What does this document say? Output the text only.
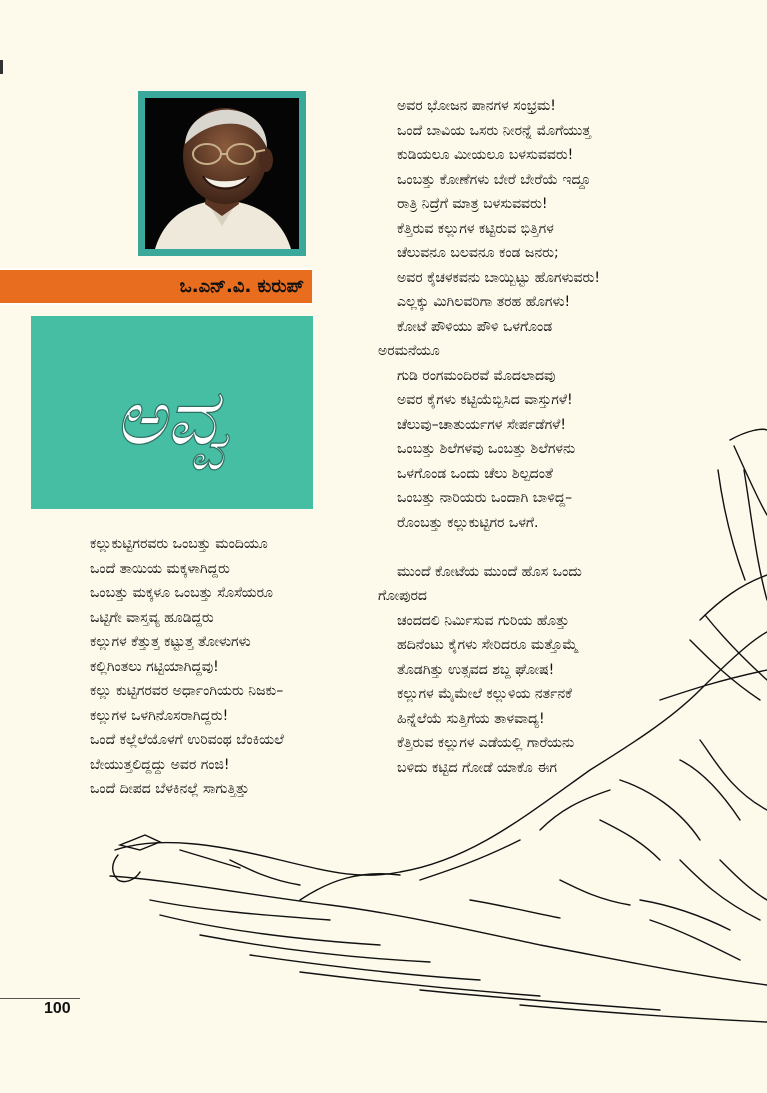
ಒ.ಎನ್‌.ವಿ. ಕುರುಪ್
ಅವ್ವ
ಕಲ್ಲುಕುಟ್ಟಿಗರವರು ಒಂಬತ್ತು ಮಂದಿಯೂ
ಒಂದೆ ತಾಯಿಯ ಮಕ್ಕಳಾಗಿದ್ದರು
ಒಂಬತ್ತು ಮಕ್ಕಳೂ ಒಂಬತ್ತು ಸೊಸೆಯರೂ
ಒಟ್ಟಿಗೇ ವಾಸ್ತವ್ಯ ಹೂಡಿದ್ದರು
ಕಲ್ಲುಗಳ ಕೆತ್ತುತ್ತ ಕಟ್ಟುತ್ತ ತೋಳುಗಳು
ಕಲ್ಲಿಗಿಂತಲು ಗಟ್ಟಿಯಾಗಿದ್ದವು!
ಕಲ್ಲು ಕುಟ್ಟಿಗರವರ ಅರ್ಧಾಂಗಿಯರು ನಿಜಕು–
ಕಲ್ಲುಗಳ ಒಳಗಿನೊಸರಾಗಿದ್ದರು!
ಒಂದೆ ಕಲ್ಲೆಲೆಯೊಳಗೆ ಉರಿವಂಥ ಬೆಂಕಿಯಲೆ
ಬೇಯುತ್ತಲಿದ್ದದ್ದು ಅವರ ಗಂಜಿ!
ಒಂದೆ ದೀಪದ ಬೆಳಕಿನಲ್ಲೆ ಸಾಗುತ್ತಿತ್ತು
ಅವರ ಭೋಜನ ಪಾನಗಳ ಸಂಭ್ರಮ!
ಒಂದೆ ಬಾವಿಯ ಒಸರು ನೀರನ್ನೆ ಮೊಗೆಯುತ್ತ
ಕುಡಿಯಲೂ ಮೀಯಲೂ ಬಳಸುವವರು!
ಒಂಬತ್ತು ಕೋಣೆಗಳು ಬೇರೆ ಬೇರೆಯೆ ಇದ್ದೂ
ರಾತ್ರಿ ನಿದ್ರೆಗೆ ಮಾತ್ರ ಬಳಸುವವರು!
ಕೆತ್ತಿರುವ ಕಲ್ಲುಗಳ ಕಟ್ಟಿರುವ ಭಿತ್ತಿಗಳ
ಚೆಲುವನೂ ಬಲವನೂ ಕಂಡ ಜನರು;
ಅವರ ಕೈಚಳಕವನು ಬಾಯ್ಬಿಟ್ಟು ಹೊಗಳುವರು!
ಎಲ್ಲಕ್ಕು ಮಿಗಿಲವರಿಗಾ ತರಹ ಹೊಗಳು!
ಕೋಟೆ ಪೌಳಿಯು ಪೌಳಿ ಒಳಗೊಂಡ
ಅರಮನೆಯೂ
ಗುಡಿ ರಂಗಮಂದಿರವೆ ಮೊದಲಾದವು
ಅವರ ಕೈಗಳು ಕಟ್ಟಿಯೆಬ್ಬಿಸಿದ ವಾಸ್ತುಗಳೆ!
ಚೆಲುವು–ಚಾತುರ್ಯಗಳ ಸೇರ್ಪಡೆಗಳೆ!
ಒಂಬತ್ತು ಶಿಲೆಗಳವು ಒಂಬತ್ತು ಶಿಲೆಗಳನು
ಒಳಗೊಂಡ ಒಂದು ಚೆಲು ಶಿಲ್ಪದಂತೆ
ಒಂಬತ್ತು ನಾರಿಯರು ಒಂದಾಗಿ ಬಾಳಿದ್ದ–
ರೊಂಬತ್ತು ಕಲ್ಲುಕುಟ್ಟಿಗರ ಒಳಗೆ.
ಮುಂದೆ ಕೋಟೆಯ ಮುಂದೆ ಹೊಸ ಒಂದು
ಗೋಪುರದ
ಚಂದದಲಿ ನಿರ್ಮಿಸುವ ಗುರಿಯ ಹೊತ್ತು
ಹದಿನೆಂಟು ಕೈಗಳು ಸೇರಿದರೂ ಮತ್ತೊಮ್ಮೆ
ತೊಡಗಿತ್ತು ಉತ್ಸವದ ಶಬ್ದ ಘೋಷ!
ಕಲ್ಲುಗಳ ಮೈಮೇಲೆ ಕಲ್ಲುಳಿಯ ನರ್ತನಕೆ
ಹಿನ್ನೆಲೆಯೆ ಸುತ್ತಿಗೆಯ ತಾಳವಾದ್ಯ!
ಕೆತ್ತಿರುವ ಕಲ್ಲುಗಳ ಎಡೆಯಲ್ಲಿ ಗಾರೆಯನು
ಬಳಿದು ಕಟ್ಟಿದ ಗೋಡೆ ಯಾಕೊ ಈಗ
100
